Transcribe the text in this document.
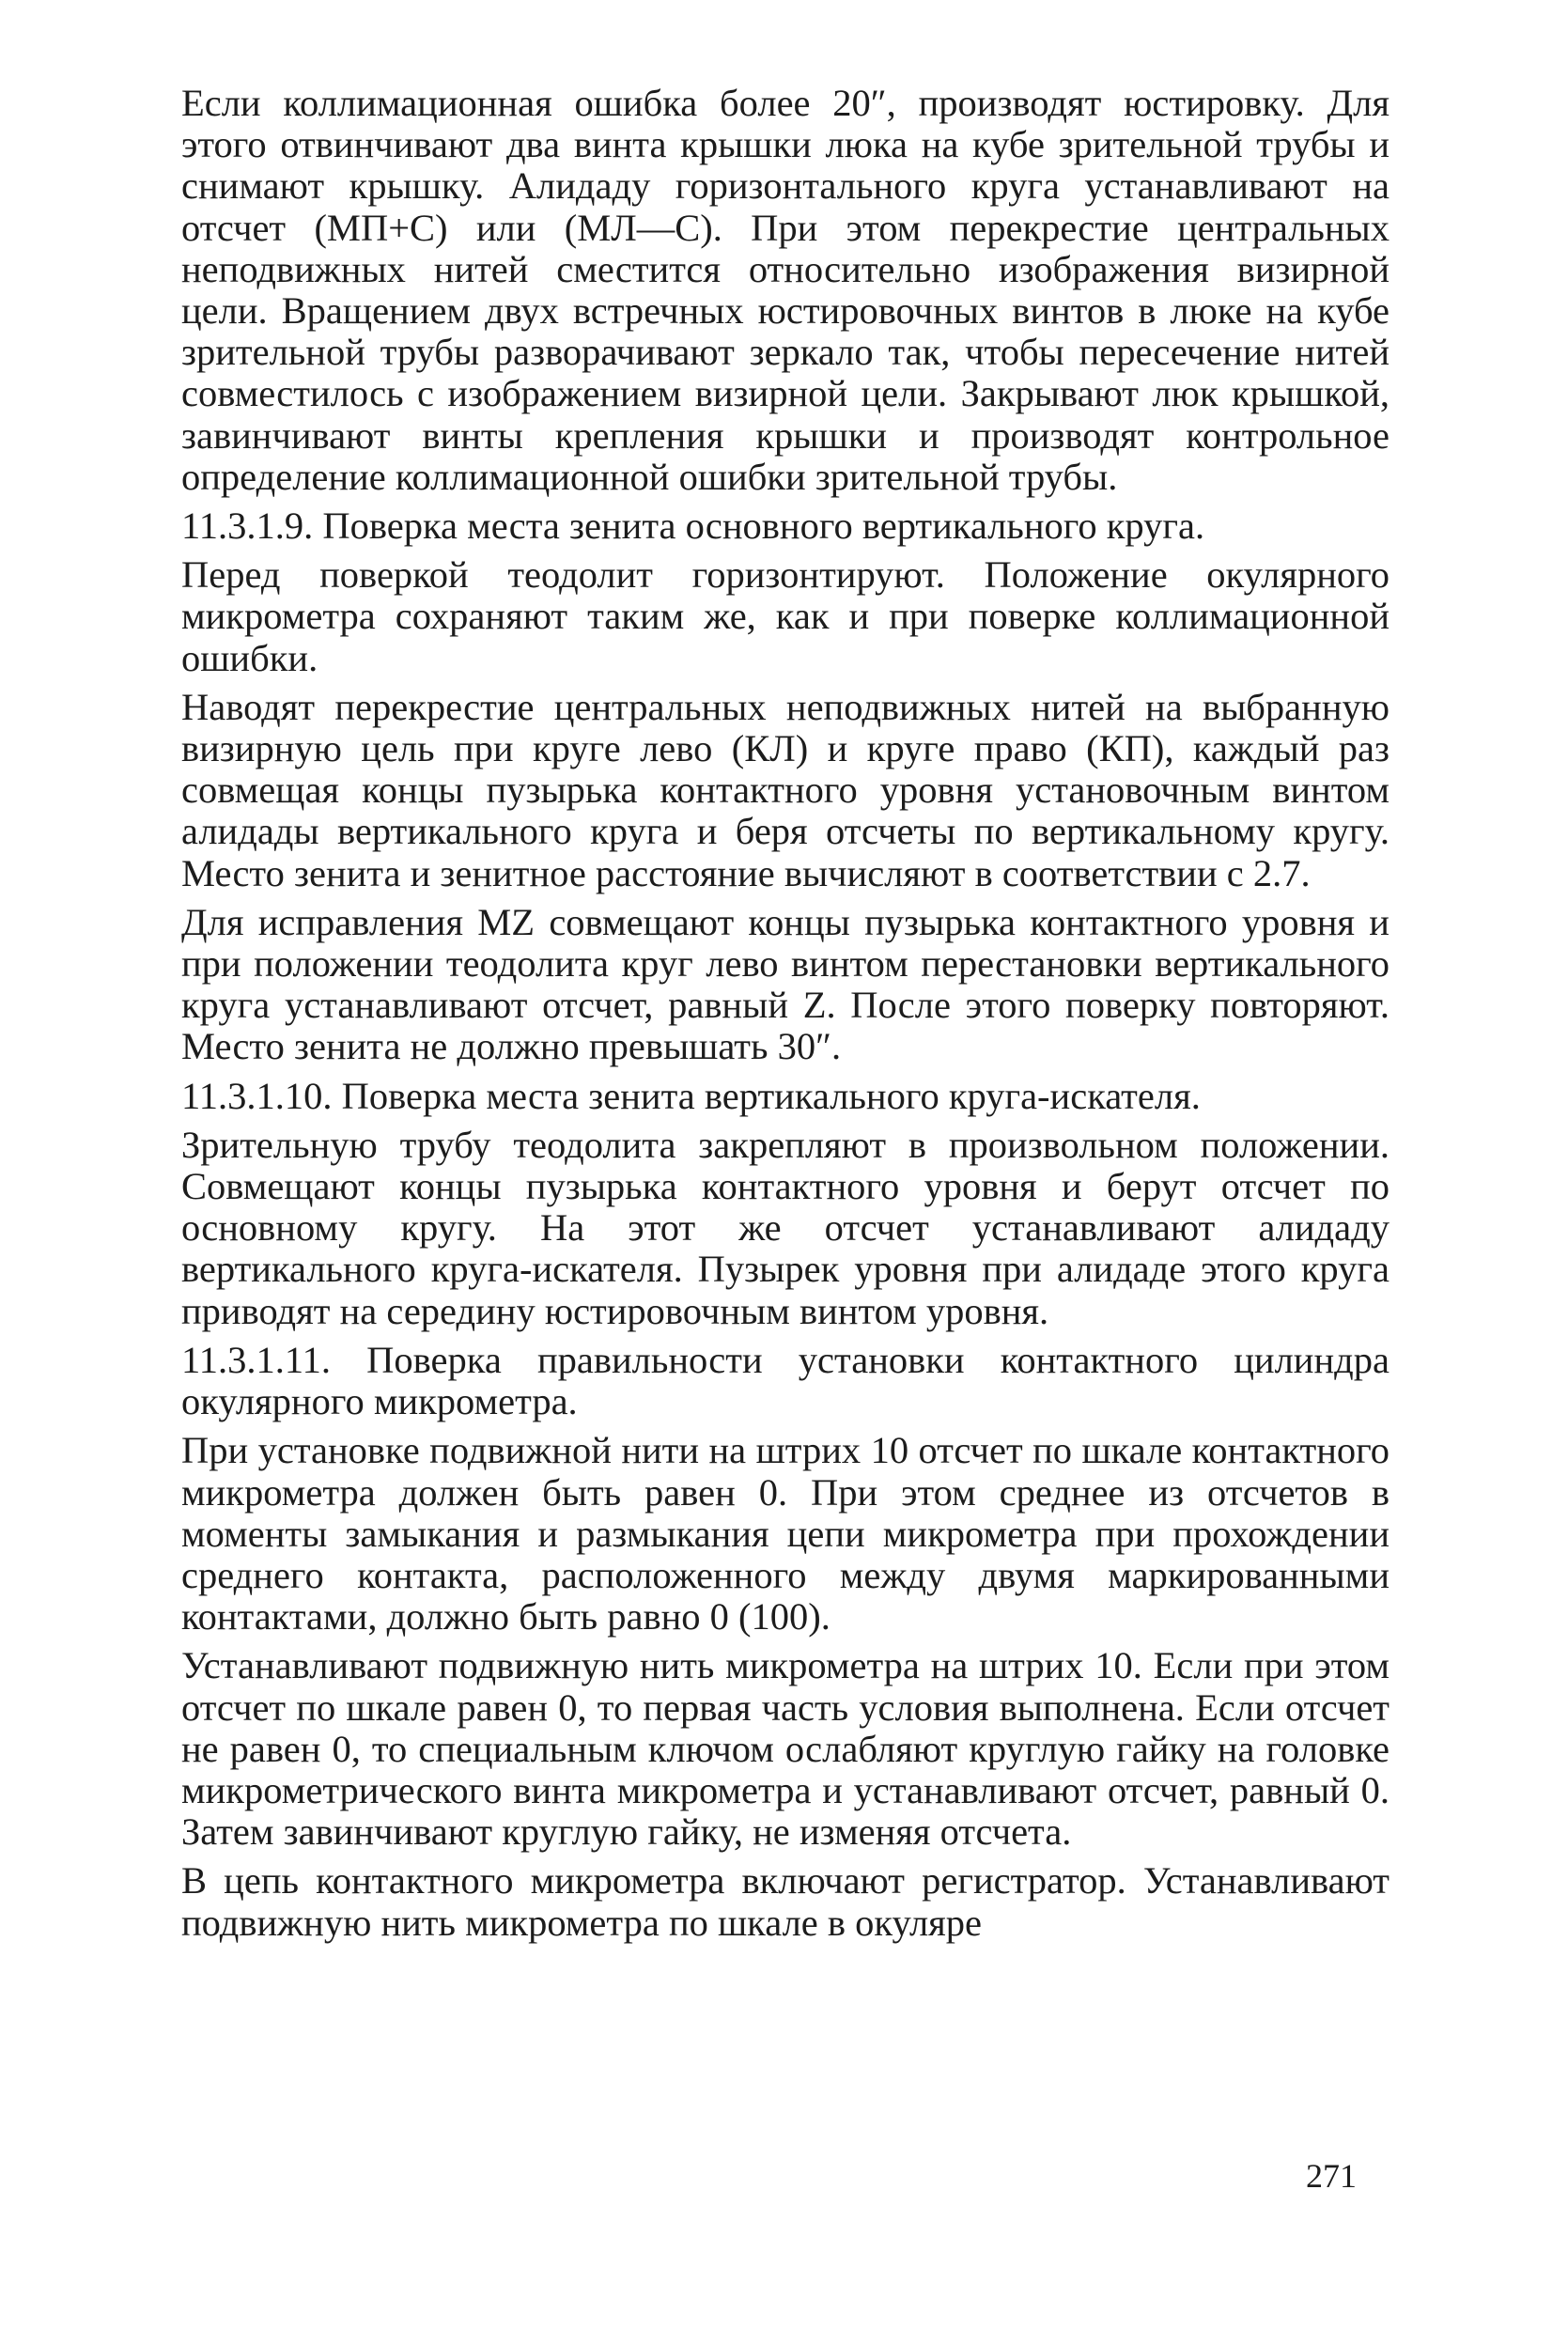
Если коллимационная ошибка более 20″, производят юстировку. Для этого отвинчивают два винта крышки люка на кубе зрительной трубы и снимают крышку. Алидаду горизонтального круга устанавливают на отсчет (МП+С) или (МЛ—С). При этом перекрестие центральных неподвижных нитей сместится относительно изображения визирной цели. Вращением двух встречных юстировочных винтов в люке на кубе зрительной трубы разворачивают зеркало так, чтобы пересечение нитей совместилось с изображением визирной цели. Закрывают люк крышкой, завинчивают винты крепления крышки и производят контрольное определение коллимационной ошибки зрительной трубы.

11.3.1.9. Поверка места зенита основного вертикального круга.

Перед поверкой теодолит горизонтируют. Положение окулярного микрометра сохраняют таким же, как и при поверке коллимационной ошибки.

Наводят перекрестие центральных неподвижных нитей на выбранную визирную цель при круге лево (КЛ) и круге право (КП), каждый раз совмещая концы пузырька контактного уровня установочным винтом алидады вертикального круга и беря отсчеты по вертикальному кругу. Место зенита и зенитное расстояние вычисляют в соответствии с 2.7.

Для исправления MZ совмещают концы пузырька контактного уровня и при положении теодолита круг лево винтом перестановки вертикального круга устанавливают отсчет, равный Z. После этого поверку повторяют. Место зенита не должно превышать 30″.

11.3.1.10. Поверка места зенита вертикального круга-искателя.

Зрительную трубу теодолита закрепляют в произвольном положении. Совмещают концы пузырька контактного уровня и берут отсчет по основному кругу. На этот же отсчет устанавливают алидаду вертикального круга-искателя. Пузырек уровня при алидаде этого круга приводят на середину юстировочным винтом уровня.

11.3.1.11. Поверка правильности установки контактного цилиндра окулярного микрометра.

При установке подвижной нити на штрих 10 отсчет по шкале контактного микрометра должен быть равен 0. При этом среднее из отсчетов в моменты замыкания и размыкания цепи микрометра при прохождении среднего контакта, расположенного между двумя маркированными контактами, должно быть равно 0 (100).

Устанавливают подвижную нить микрометра на штрих 10. Если при этом отсчет по шкале равен 0, то первая часть условия выполнена. Если отсчет не равен 0, то специальным ключом ослабляют круглую гайку на головке микрометрического винта микрометра и устанавливают отсчет, равный 0. Затем завинчивают круглую гайку, не изменяя отсчета.

В цепь контактного микрометра включают регистратор. Устанавливают подвижную нить микрометра по шкале в окуляре

271
